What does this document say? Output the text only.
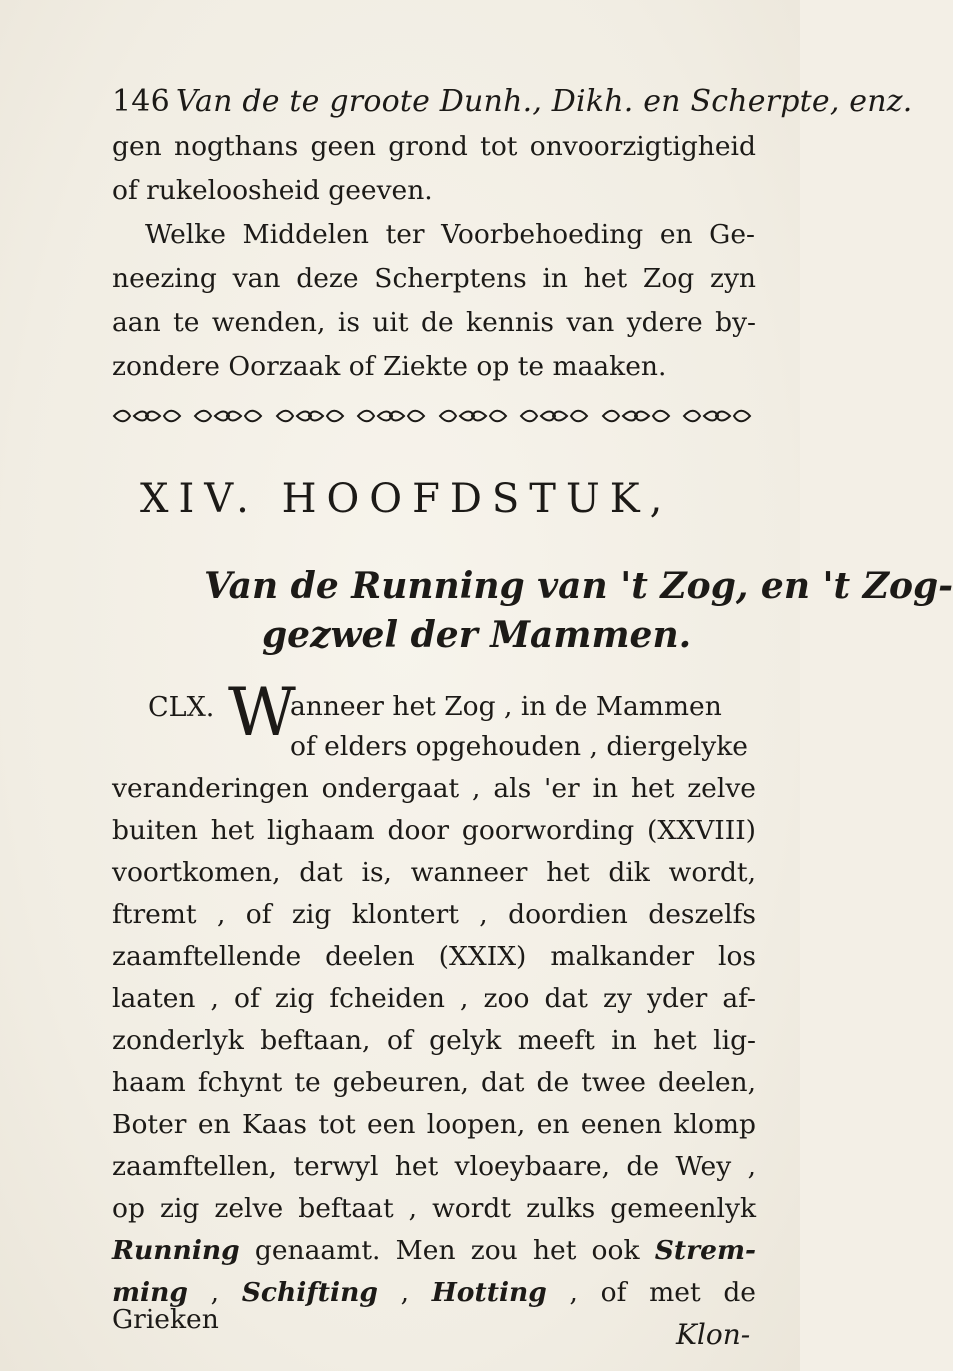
146 Van de te groote Dunh., Dikh. en Scherpte, enz.
gen nogthans geen grond tot onvoorzigtigheid
of rukeloosheid geeven.
Welke Middelen ter Voorbehoeding en Ge-
neezing van deze Scherptens in het Zog zyn
aan te wenden, is uit de kennis van ydere by-
zondere Oorzaak of Ziekte op te maaken.
XIV. HOOFDSTUK,
Van de Running van 't Zog, en 't Zog-
gezwel der Mammen.
CLX. W
anneer het Zog , in de Mammen
of elders opgehouden , diergelyke
veranderingen ondergaat , als 'er in het zelve
buiten het lighaam door goorwording (XXVIII)
voortkomen, dat is, wanneer het dik wordt,
ftremt , of zig klontert , doordien deszelfs
zaamftellende deelen (XXIX) malkander los
laaten , of zig fcheiden , zoo dat zy yder af-
zonderlyk beftaan, of gelyk meeft in het lig-
haam fchynt te gebeuren, dat de twee deelen,
Boter en Kaas tot een loopen, en eenen klomp
zaamftellen, terwyl het vloeybaare, de Wey ,
op zig zelve beftaat , wordt zulks gemeenlyk
Running genaamt. Men zou het ook Strem-
ming , Schifting , Hotting , of met de Grieken	Klon-
